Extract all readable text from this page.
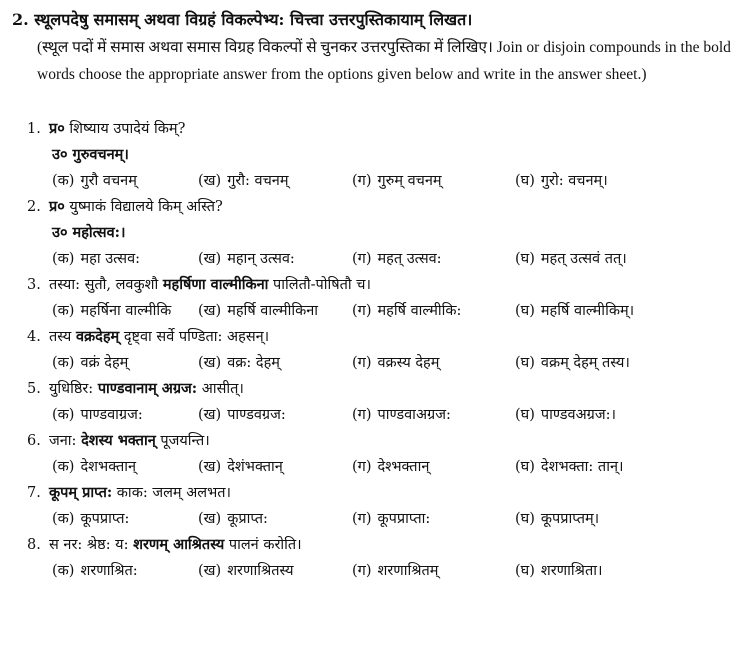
2. स्थूलपदेषु समासम् अथवा विग्रहं विकल्पेभ्य: चित्त्वा उत्तरपुस्तिकायाम् लिखत।
(स्थूल पदों में समास अथवा समास विग्रह विकल्पों से चुनकर उत्तरपुस्तिका में लिखिए। Join or disjoin compounds in the bold words choose the appropriate answer from the options given below and write in the answer sheet.)
1. प्र० शिष्याय उपादेयं किम्?
उ० गुरुवचनम्।
(क) गुरौ वचनम्	(ख) गुरौ: वचनम्	(ग) गुरुम् वचनम्	(घ) गुरो: वचनम्।
2. प्र० युष्माकं विद्यालये किम् अस्ति?
उ० महोत्सव:।
(क) महा उत्सव:	(ख) महान् उत्सव:	(ग) महत् उत्सव:	(घ) महत् उत्सवं तत्।
3. तस्या: सुतौ, लवकुशौ महर्षिणा वाल्मीकिना पालितौ-पोषितौ च।
(क) महर्षिना वाल्मीकि (ख) महर्षि वाल्मीकिना (ग) महर्षि वाल्मीकि:	(घ) महर्षि वाल्मीकिम्।
4. तस्य वक्रदेहम् दृष्ट्वा सर्वे पण्डिता: अहसन्।
(क) वक्रं देहम्	(ख) वक्र: देहम्	(ग) वक्रस्य देहम्	(घ) वक्रम् देहम् तस्य।
5. युधिष्ठिर: पाण्डवानाम् अग्रज: आसीत्।
(क) पाण्डवाग्रज:	(ख) पाण्डवग्रज:	(ग) पाण्डवाअग्रज:	(घ) पाण्डवअग्रज:।
6. जना: देशस्य भक्तान् पूजयन्ति।
(क) देशभक्तान्	(ख) देशंभक्तान्	(ग) देश्भक्तान्	(घ) देशभक्ता: तान्।
7. कूपम् प्राप्त: काक: जलम् अलभत।
(क) कूपप्राप्त:	(ख) कूप्राप्त:	(ग) कूपप्राप्ता:	(घ) कूपप्राप्तम्।
8. स नर: श्रेष्ठ: य: शरणम् आश्रितस्य पालनं करोति।
(क) शरणाश्रित:	(ख) शरणाश्रितस्य	(ग) शरणाश्रितम्	(घ) शरणाश्रिता।
